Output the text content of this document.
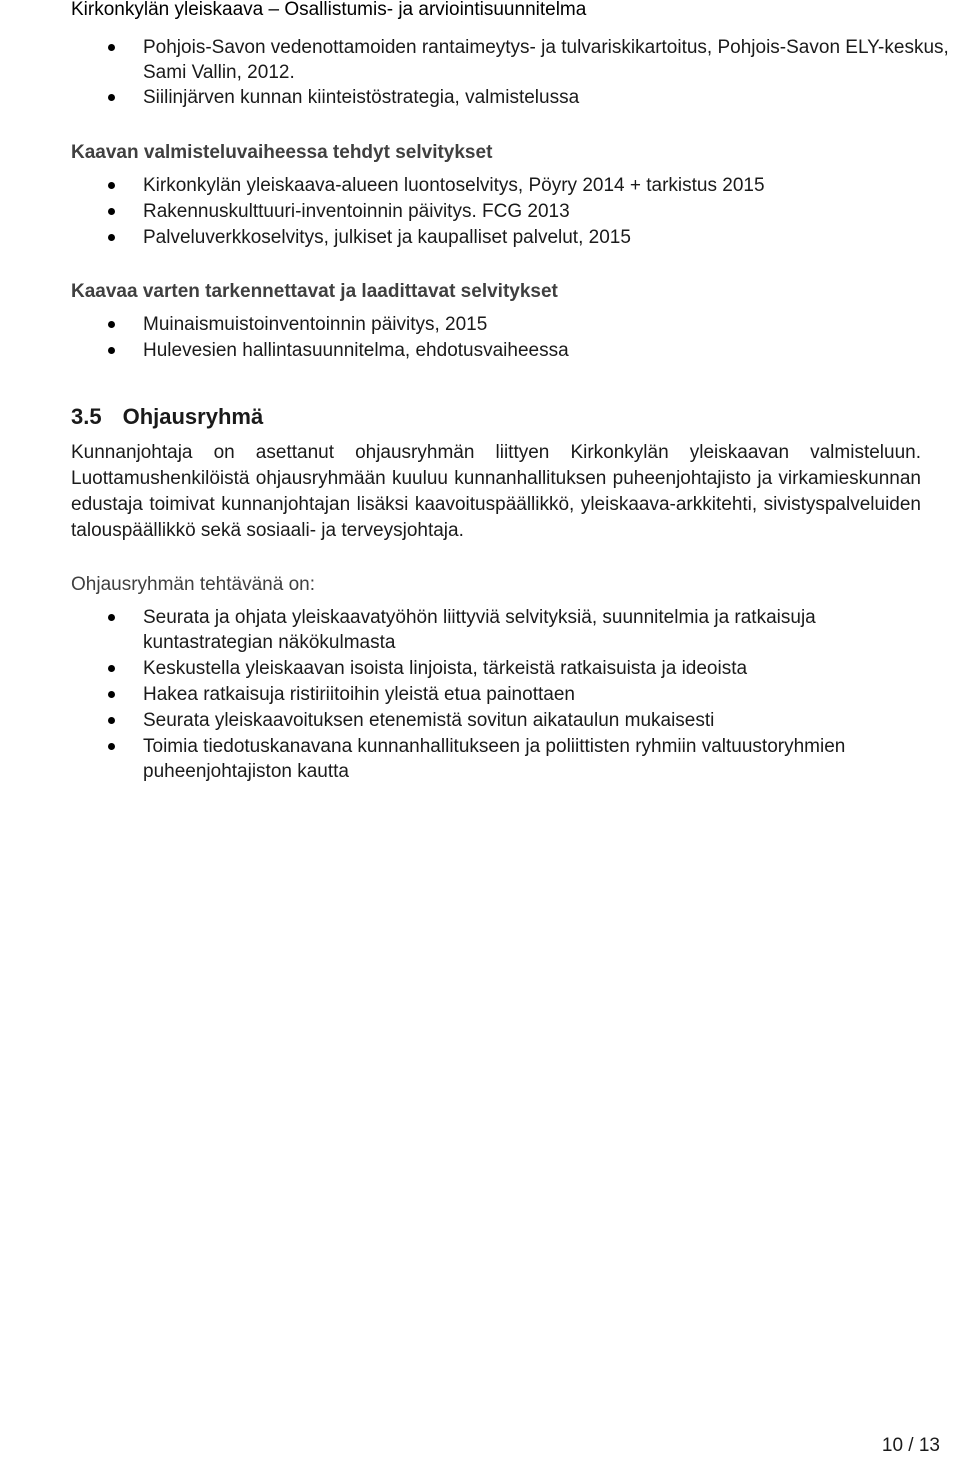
Kirkonkylän yleiskaava – Osallistumis- ja arviointisuunnitelma
Pohjois-Savon vedenottamoiden rantaimeytys- ja tulvariskikartoitus, Pohjois-Savon ELY-keskus, Sami Vallin, 2012.
Siilinjärven kunnan kiinteistöstrategia, valmistelussa
Kaavan valmisteluvaiheessa tehdyt selvitykset
Kirkonkylän yleiskaava-alueen luontoselvitys, Pöyry 2014 + tarkistus 2015
Rakennuskulttuuri-inventoinnin päivitys. FCG 2013
Palveluverkkoselvitys, julkiset ja kaupalliset palvelut, 2015
Kaavaa varten tarkennettavat ja laadittavat selvitykset
Muinaismuistoinventoinnin päivitys, 2015
Hulevesien hallintasuunnitelma, ehdotusvaiheessa
3.5 Ohjausryhmä

Kunnanjohtaja on asettanut ohjausryhmän liittyen Kirkonkylän yleiskaavan valmisteluun. Luottamushenkilöistä ohjausryhmään kuuluu kunnanhallituksen puheenjohtajisto ja virkamieskunnan edustaja toimivat kunnanjohtajan lisäksi kaavoituspäällikkö, yleiskaava-arkkitehti, sivistyspalveluiden talouspäällikkö sekä sosiaali- ja terveysjohtaja.

Ohjausryhmän tehtävänä on:
Seurata ja ohjata yleiskaavatyöhön liittyviä selvityksiä, suunnitelmia ja ratkaisuja kuntastrategian näkökulmasta
Keskustella yleiskaavan isoista linjoista, tärkeistä ratkaisuista ja ideoista
Hakea ratkaisuja ristiriitoihin yleistä etua painottaen
Seurata yleiskaavoituksen etenemistä sovitun aikataulun mukaisesti
Toimia tiedotuskanavana kunnanhallitukseen ja poliittisten ryhmiin valtuustoryhmien puheenjohtajiston kautta
10 / 13
